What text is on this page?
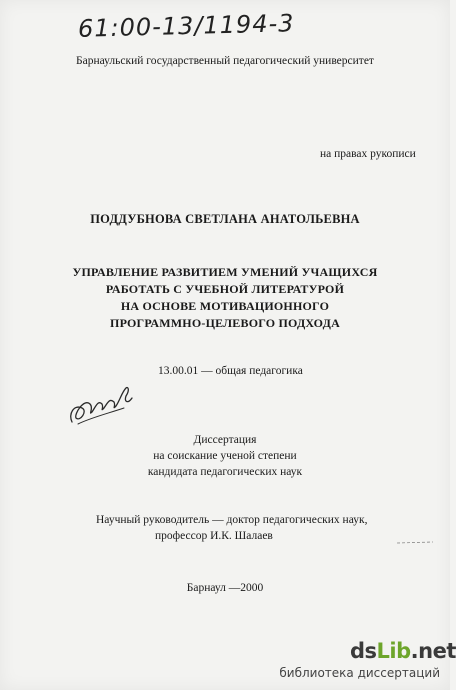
61:00-13/1194-3
Барнаульский государственный педагогический университет
на правах рукописи
ПОДДУБНОВА СВЕТЛАНА АНАТОЛЬЕВНА
УПРАВЛЕНИЕ РАЗВИТИЕМ УМЕНИЙ УЧАЩИХСЯ
РАБОТАТЬ С УЧЕБНОЙ ЛИТЕРАТУРОЙ
НА ОСНОВЕ МОТИВАЦИОННОГО
ПРОГРАММНО-ЦЕЛЕВОГО ПОДХОДА
13.00.01 — общая педагогика
Диссертация
на соискание ученой степени
кандидата педагогических наук
Научный руководитель — доктор педагогических наук,
профессор И.К. Шалаев
Барнаул —2000
dsLib.net
библиотека диссертаций
